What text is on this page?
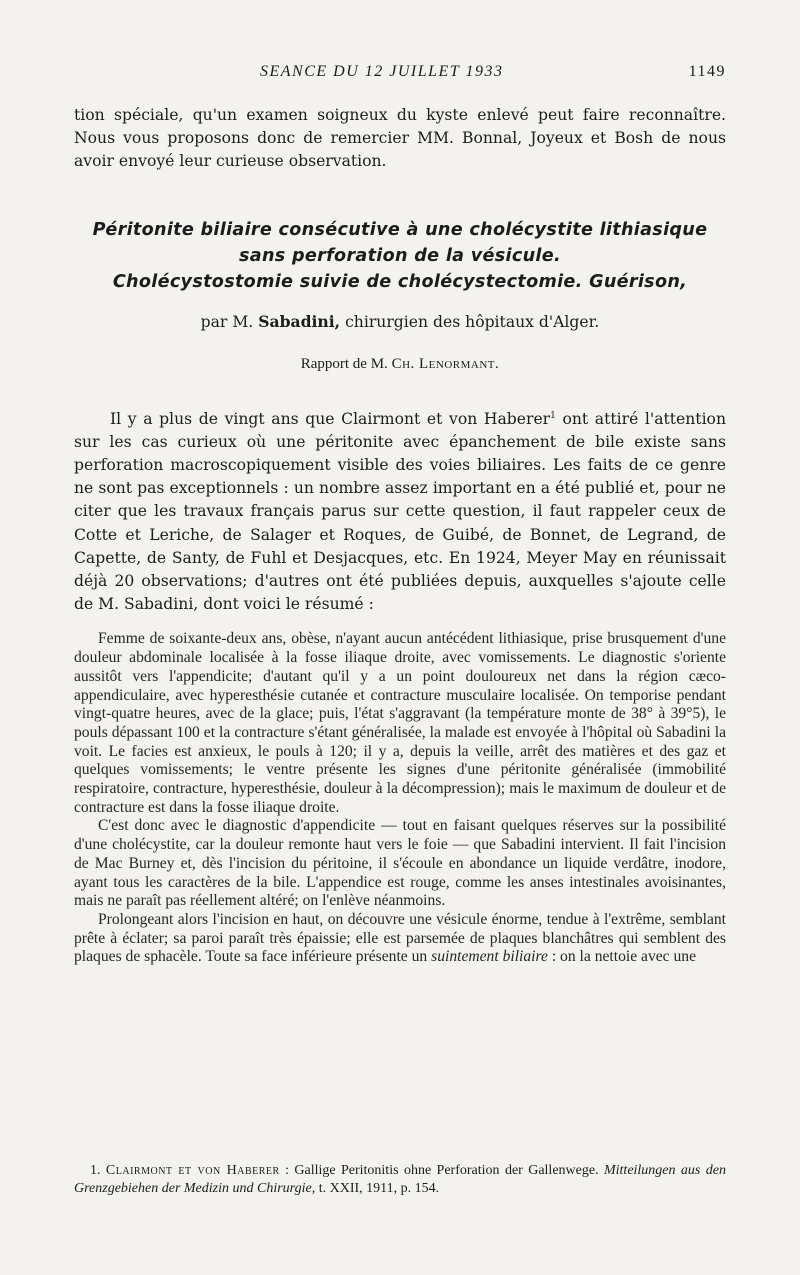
SEANCE DU 12 JUILLET 1933	1149

tion spéciale, qu'un examen soigneux du kyste enlevé peut faire reconnaître. Nous vous proposons donc de remercier MM. Bonnal, Joyeux et Bosh de nous avoir envoyé leur curieuse observation.

Péritonite biliaire consécutive à une cholécystite lithiasique
sans perforation de la vésicule.
Cholécystostomie suivie de cholécystectomie. Guérison,
par M. Sabadini, chirurgien des hôpitaux d'Alger.
Rapport de M. Ch. Lenormant.

Il y a plus de vingt ans que Clairmont et von Haberer$^1$ ont attiré l'attention sur les cas curieux où une péritonite avec épanchement de bile existe sans perforation macroscopiquement visible des voies biliaires. Les faits de ce genre ne sont pas exceptionnels : un nombre assez important en a été publié et, pour ne citer que les travaux français parus sur cette question, il faut rappeler ceux de Cotte et Leriche, de Salager et Roques, de Guibé, de Bonnet, de Legrand, de Capette, de Santy, de Fuhl et Desjacques, etc. En 1924, Meyer May en réunissait déjà 20 observations; d'autres ont été publiées depuis, auxquelles s'ajoute celle de M. Sabadini, dont voici le résumé :

Femme de soixante-deux ans, obèse, n'ayant aucun antécédent lithiasique, prise brusquement d'une douleur abdominale localisée à la fosse iliaque droite, avec vomissements. Le diagnostic s'oriente aussitôt vers l'appendicite; d'autant qu'il y a un point douloureux net dans la région cæco-appendiculaire, avec hyperesthésie cutanée et contracture musculaire localisée. On temporise pendant vingt-quatre heures, avec de la glace; puis, l'état s'aggravant (la température monte de 38° à 39°5), le pouls dépassant 100 et la contracture s'étant généralisée, la malade est envoyée à l'hôpital où Sabadini la voit. Le facies est anxieux, le pouls à 120; il y a, depuis la veille, arrêt des matières et des gaz et quelques vomissements; le ventre présente les signes d'une péritonite généralisée (immobilité respiratoire, contracture, hyperesthésie, douleur à la décompression); mais le maximum de douleur et de contracture est dans la fosse iliaque droite.

C'est donc avec le diagnostic d'appendicite — tout en faisant quelques réserves sur la possibilité d'une cholécystite, car la douleur remonte haut vers le foie — que Sabadini intervient. Il fait l'incision de Mac Burney et, dès l'incision du péritoine, il s'écoule en abondance un liquide verdâtre, inodore, ayant tous les caractères de la bile. L'appendice est rouge, comme les anses intestinales avoisinantes, mais ne paraît pas réellement altéré; on l'enlève néanmoins.

Prolongeant alors l'incision en haut, on découvre une vésicule énorme, tendue à l'extrême, semblant prête à éclater; sa paroi paraît très épaissie; elle est parsemée de plaques blanchâtres qui semblent des plaques de sphacèle. Toute sa face inférieure présente un suintement biliaire : on la nettoie avec une

1. Clairmont et von Haberer : Gallige Peritonitis ohne Perforation der Gallenwege. Mitteilungen aus den Grenzgebiehen der Medizin und Chirurgie, t. XXII, 1911, p. 154.
